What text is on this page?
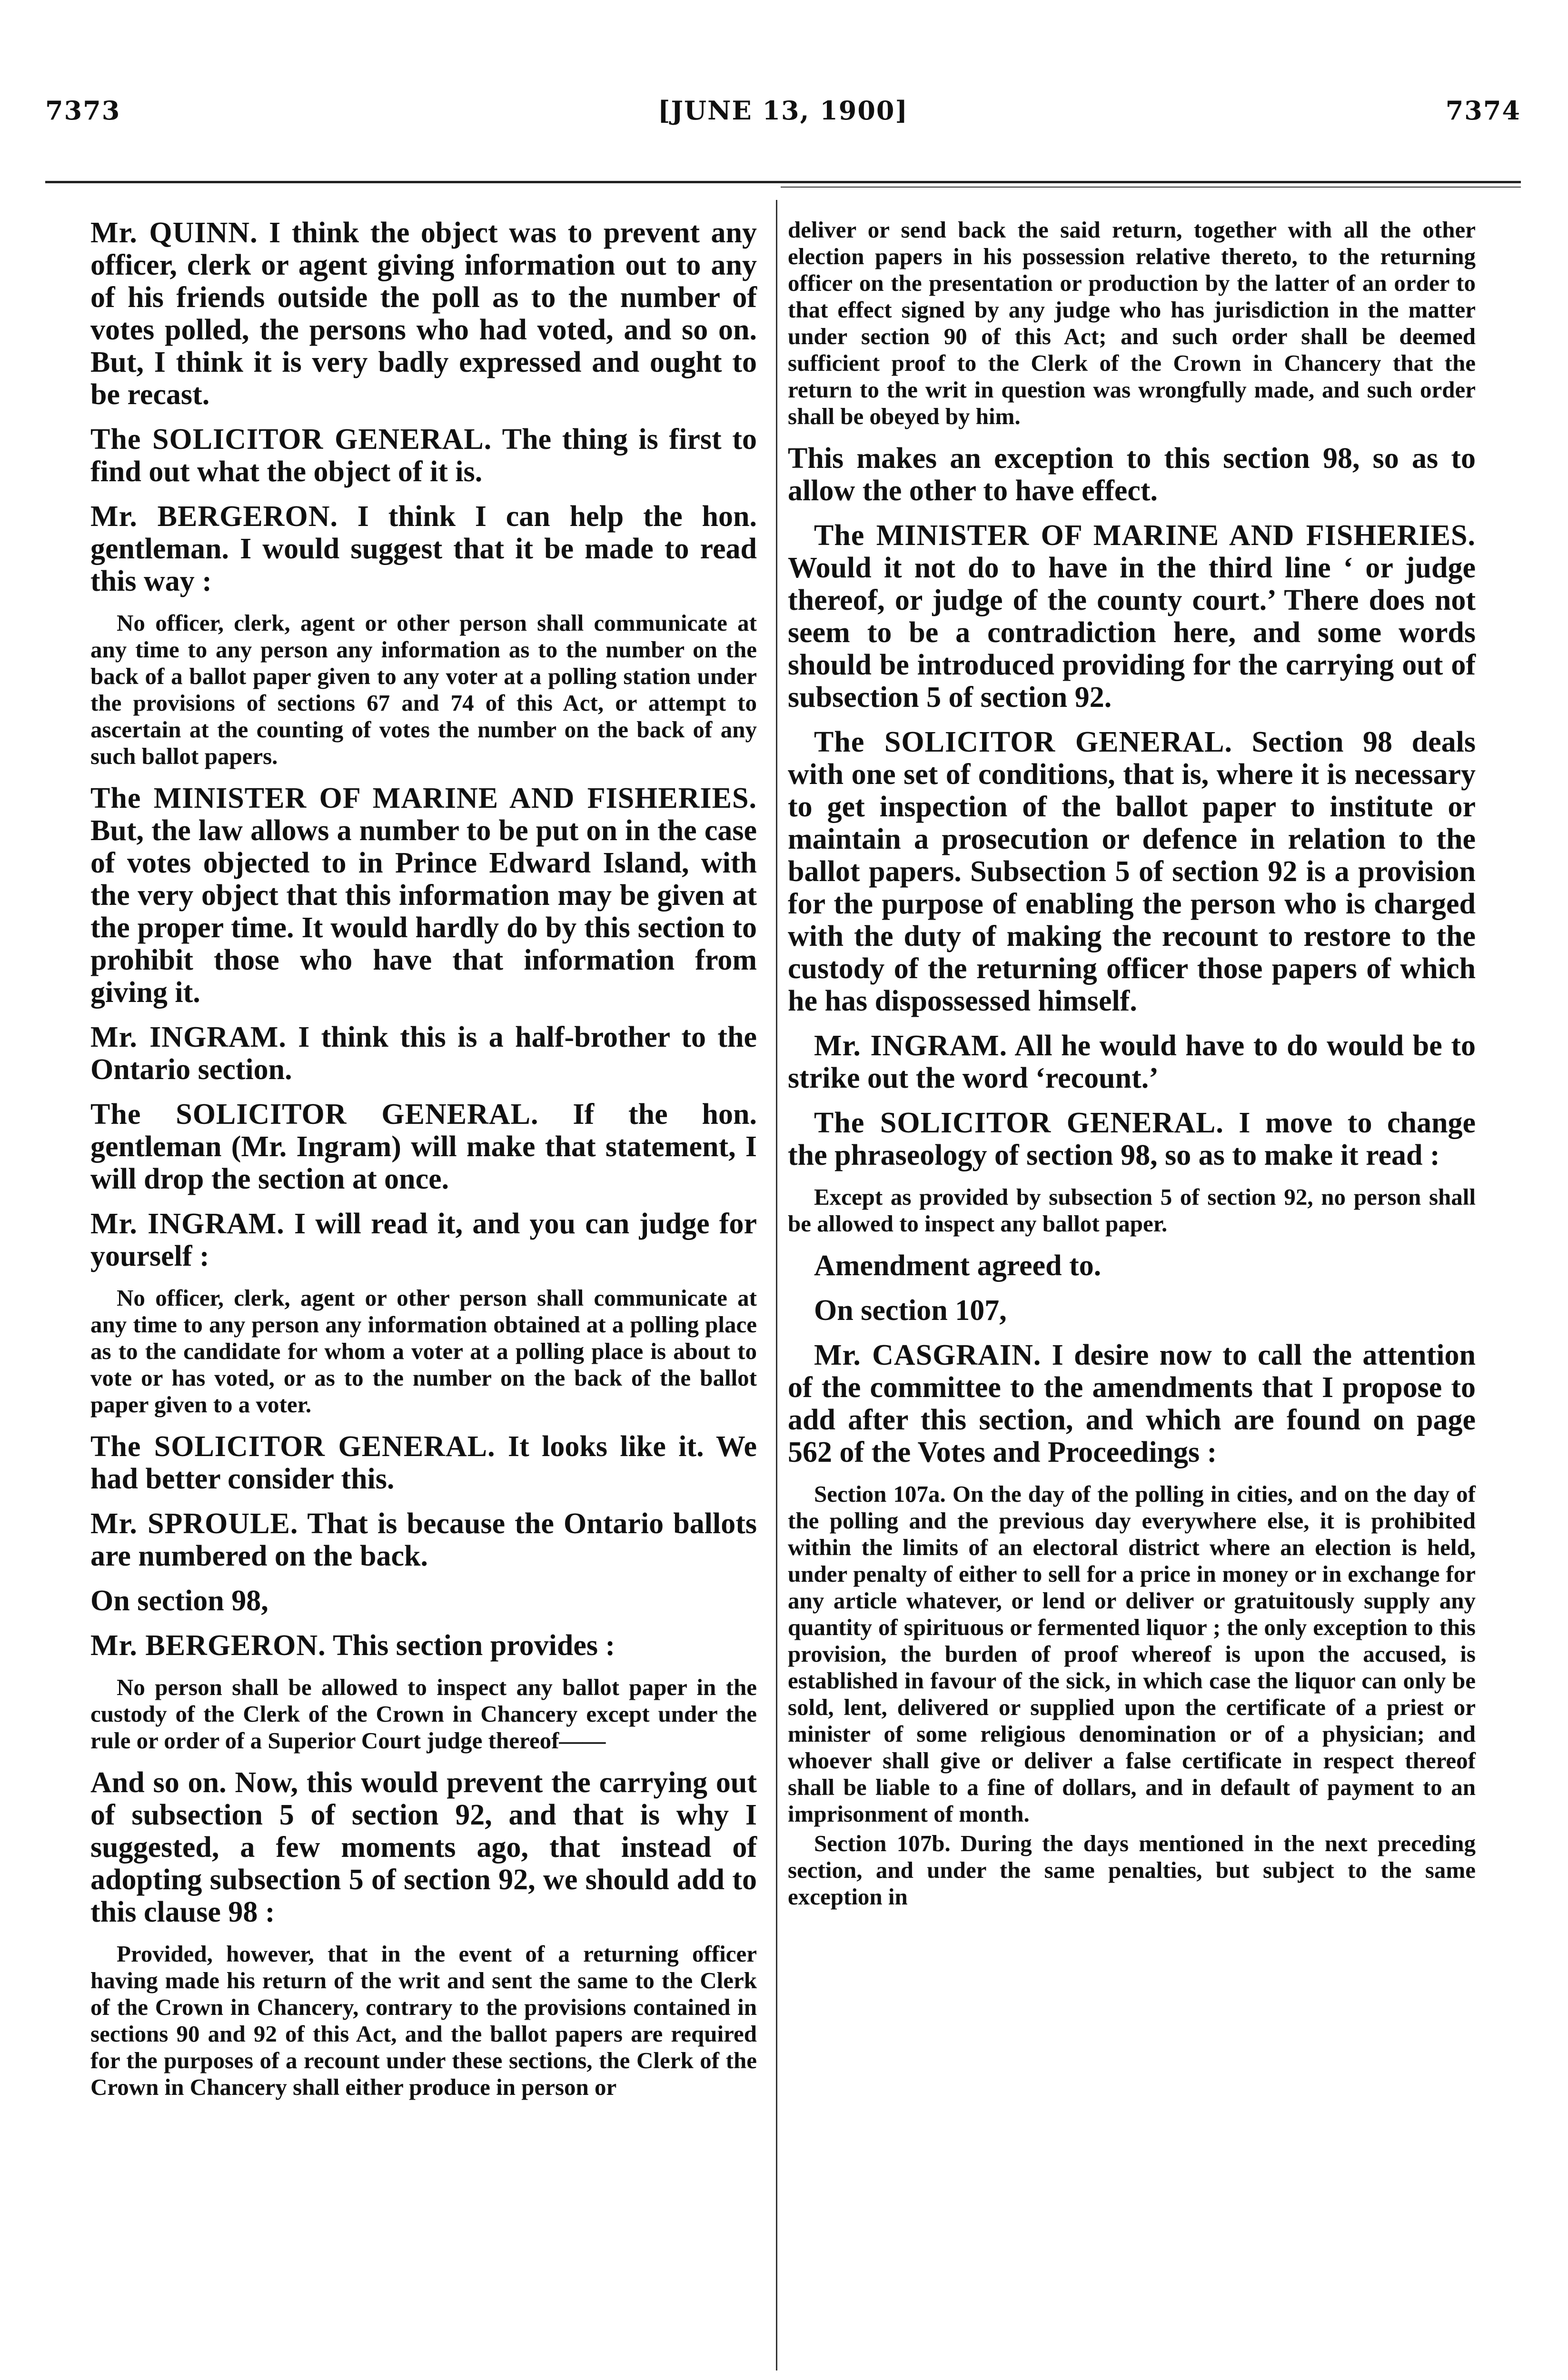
7373	[JUNE 13, 1900]	7374

Mr. QUINN. I think the object was to prevent any officer, clerk or agent giving information out to any of his friends outside the poll as to the number of votes polled, the persons who had voted, and so on. But, I think it is very badly expressed and ought to be recast.

The SOLICITOR GENERAL. The thing is first to find out what the object of it is.

Mr. BERGERON. I think I can help the hon. gentleman. I would suggest that it be made to read this way :

No officer, clerk, agent or other person shall communicate at any time to any person any information as to the number on the back of a ballot paper given to any voter at a polling station under the provisions of sections 67 and 74 of this Act, or attempt to ascertain at the counting of votes the number on the back of any such ballot papers.

The MINISTER OF MARINE AND FISHERIES. But, the law allows a number to be put on in the case of votes objected to in Prince Edward Island, with the very object that this information may be given at the proper time. It would hardly do by this section to prohibit those who have that information from giving it.

Mr. INGRAM. I think this is a half-brother to the Ontario section.

The SOLICITOR GENERAL. If the hon. gentleman (Mr. Ingram) will make that statement, I will drop the section at once.

Mr. INGRAM. I will read it, and you can judge for yourself :

No officer, clerk, agent or other person shall communicate at any time to any person any information obtained at a polling place as to the candidate for whom a voter at a polling place is about to vote or has voted, or as to the number on the back of the ballot paper given to a voter.

The SOLICITOR GENERAL. It looks like it. We had better consider this.

Mr. SPROULE. That is because the Ontario ballots are numbered on the back.

On section 98,

Mr. BERGERON. This section provides :

No person shall be allowed to inspect any ballot paper in the custody of the Clerk of the Crown in Chancery except under the rule or order of a Superior Court judge thereof——

And so on. Now, this would prevent the carrying out of subsection 5 of section 92, and that is why I suggested, a few moments ago, that instead of adopting subsection 5 of section 92, we should add to this clause 98 :

Provided, however, that in the event of a returning officer having made his return of the writ and sent the same to the Clerk of the Crown in Chancery, contrary to the provisions contained in sections 90 and 92 of this Act, and the ballot papers are required for the purposes of a recount under these sections, the Clerk of the Crown in Chancery shall either produce in person or

deliver or send back the said return, together with all the other election papers in his possession relative thereto, to the returning officer on the presentation or production by the latter of an order to that effect signed by any judge who has jurisdiction in the matter under section 90 of this Act; and such order shall be deemed sufficient proof to the Clerk of the Crown in Chancery that the return to the writ in question was wrongfully made, and such order shall be obeyed by him.

This makes an exception to this section 98, so as to allow the other to have effect.

The MINISTER OF MARINE AND FISHERIES. Would it not do to have in the third line ‘ or judge thereof, or judge of the county court.’ There does not seem to be a contradiction here, and some words should be introduced providing for the carrying out of subsection 5 of section 92.

The SOLICITOR GENERAL. Section 98 deals with one set of conditions, that is, where it is necessary to get inspection of the ballot paper to institute or maintain a prosecution or defence in relation to the ballot papers. Subsection 5 of section 92 is a provision for the purpose of enabling the person who is charged with the duty of making the recount to restore to the custody of the returning officer those papers of which he has dispossessed himself.

Mr. INGRAM. All he would have to do would be to strike out the word ‘recount.’

The SOLICITOR GENERAL. I move to change the phraseology of section 98, so as to make it read :

Except as provided by subsection 5 of section 92, no person shall be allowed to inspect any ballot paper.

Amendment agreed to.

On section 107,

Mr. CASGRAIN. I desire now to call the attention of the committee to the amendments that I propose to add after this section, and which are found on page 562 of the Votes and Proceedings :

Section 107a. On the day of the polling in cities, and on the day of the polling and the previous day everywhere else, it is prohibited within the limits of an electoral district where an election is held, under penalty of either to sell for a price in money or in exchange for any article whatever, or lend or deliver or gratuitously supply any quantity of spirituous or fermented liquor ; the only exception to this provision, the burden of proof whereof is upon the accused, is established in favour of the sick, in which case the liquor can only be sold, lent, delivered or supplied upon the certificate of a priest or minister of some religious denomination or of a physician; and whoever shall give or deliver a false certificate in respect thereof shall be liable to a fine of dollars, and in default of payment to an imprisonment of month.

Section 107b. During the days mentioned in the next preceding section, and under the same penalties, but subject to the same exception in
